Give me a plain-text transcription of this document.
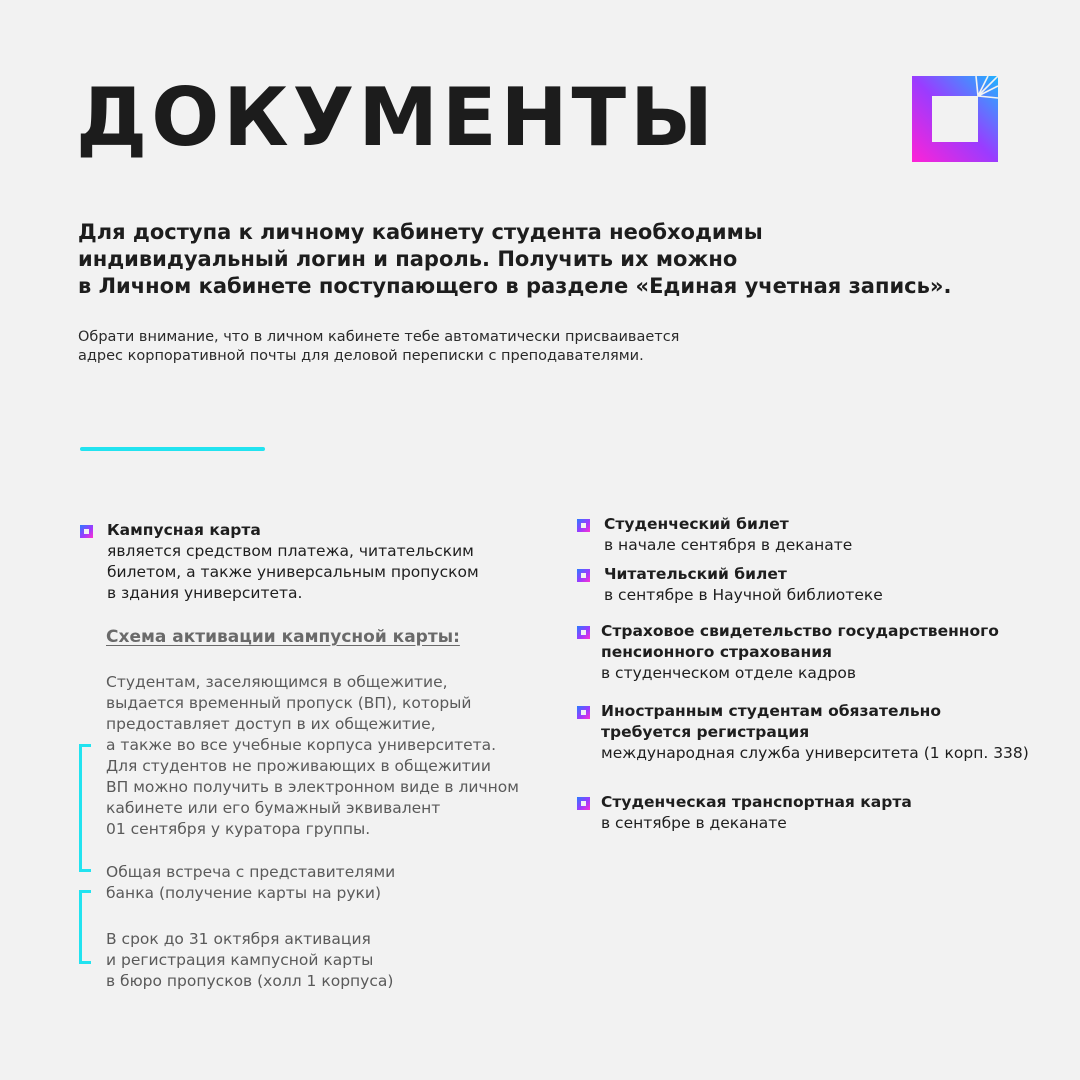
ДОКУМЕНТЫ

Для доступа к личному кабинету студента необходимы
индивидуальный логин и пароль. Получить их можно
в Личном кабинете поступающего в разделе «Единая учетная запись».

Обрати внимание, что в личном кабинете тебе автоматически присваивается
адрес корпоративной почты для деловой переписки с преподавателями.

Кампусная карта
является средством платежа, читательским
билетом, а также универсальным пропуском
в здания университета.

Схема активации кампусной карты:

Студентам, заселяющимся в общежитие,
выдается временный пропуск (ВП), который
предоставляет доступ в их общежитие,
а также во все учебные корпуса университета.
Для студентов не проживающих в общежитии
ВП можно получить в электронном виде в личном
кабинете или его бумажный эквивалент
01 сентября у куратора группы.

Общая встреча с представителями
банка (получение карты на руки)

В срок до 31 октября активация
и регистрация кампусной карты
в бюро пропусков (холл 1 корпуса)

Студенческий билет
в начале сентября в деканате

Читательский билет
в сентябре в Научной библиотеке

Страховое свидетельство государственного
пенсионного страхования
в студенческом отделе кадров

Иностранным студентам обязательно
требуется регистрация
международная служба университета (1 корп. 338)

Студенческая транспортная карта
в сентябре в деканате
